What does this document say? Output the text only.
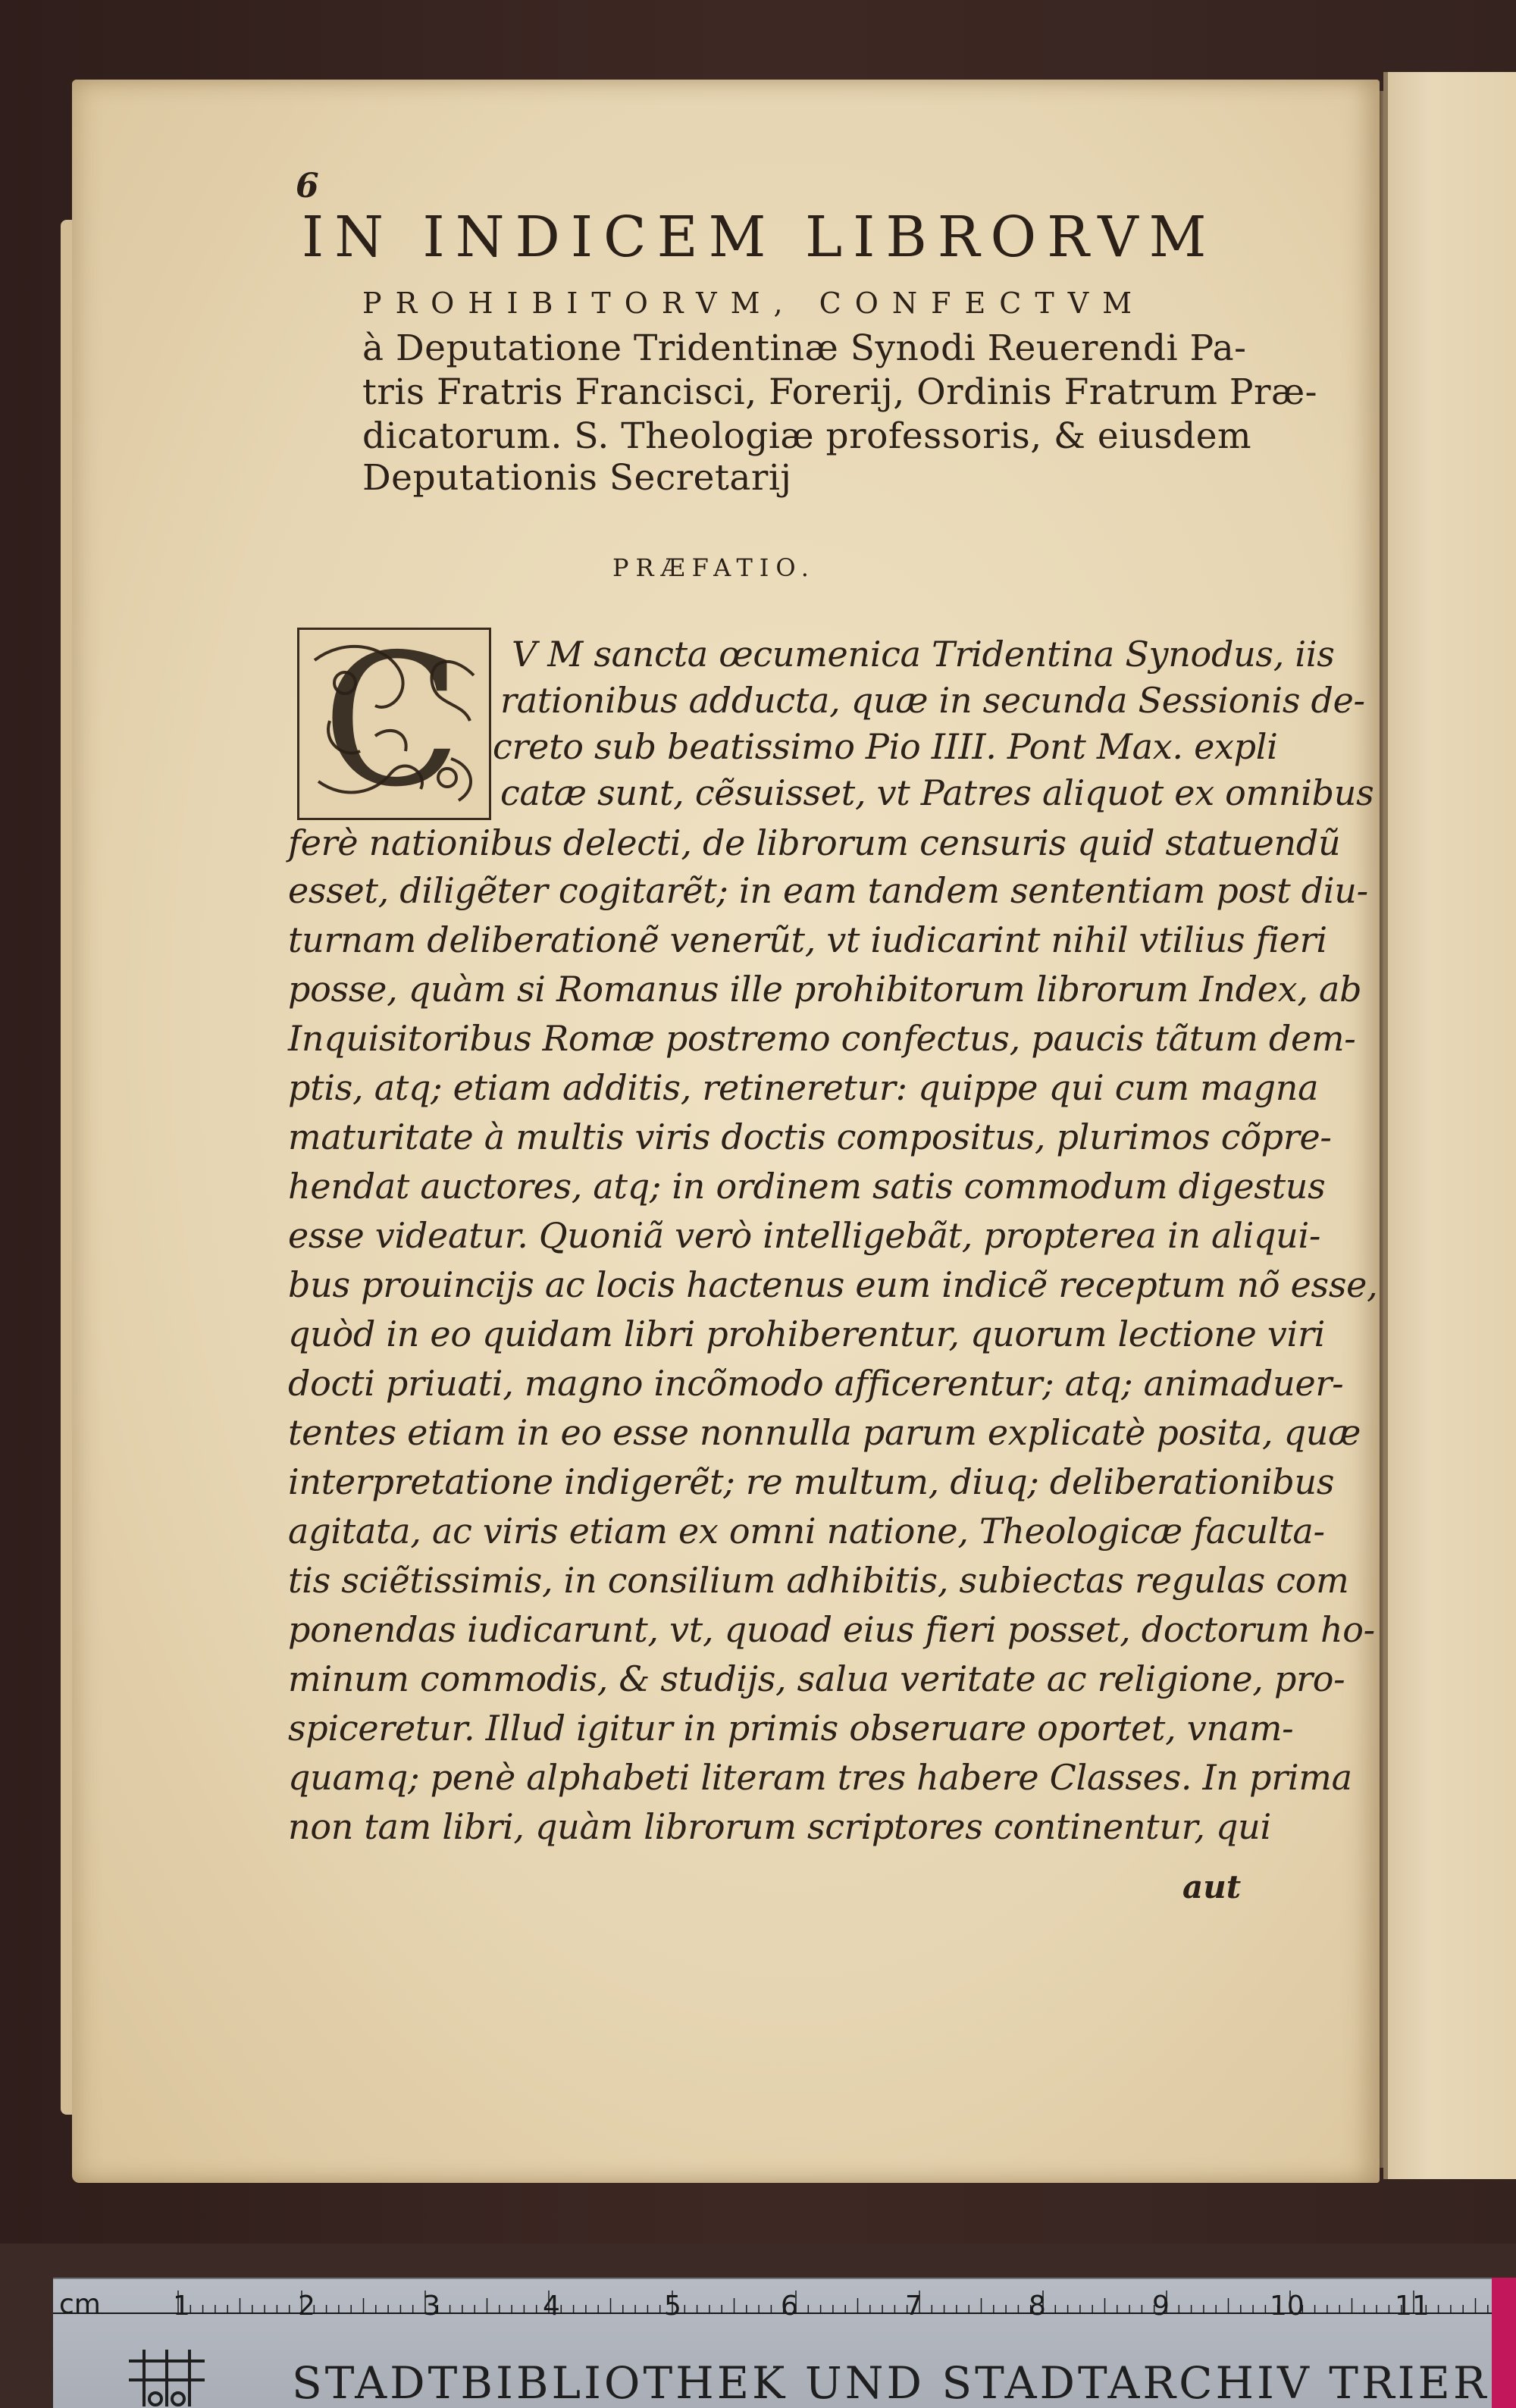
6
IN INDICEM LIBRORVM
PROHIBITORVM, CONFECTVM
à Deputatione Tridentinæ Synodi Reuerendi Pa-
tris Fratris Francisci, Forerij, Ordinis Fratrum Præ-
dicatorum. S. Theologiæ professoris, & eiusdem
Deputationis Secretarij
PRÆFATIO.
C V M sancta œcumenica Tridentina Synodus, iis
rationibus adducta, quæ in secunda Sessionis de-
creto sub beatissimo Pio IIII. Pont Max. expli
catæ sunt, cẽsuisset, vt Patres aliquot ex omnibus
ferè nationibus delecti, de librorum censuris quid statuendũ
esset, diligẽter cogitarẽt; in eam tandem sententiam post diu-
turnam deliberationẽ venerũt, vt iudicarint nihil vtilius fieri
posse, quàm si Romanus ille prohibitorum librorum Index, ab
Inquisitoribus Romæ postremo confectus, paucis tãtum dem-
ptis, atq; etiam additis, retineretur: quippe qui cum magna
maturitate à multis viris doctis compositus, plurimos cõpre-
hendat auctores, atq; in ordinem satis commodum digestus
esse videatur. Quoniã verò intelligebãt, propterea in aliqui-
bus prouincijs ac locis hactenus eum indicẽ receptum nõ esse,
quòd in eo quidam libri prohiberentur, quorum lectione viri
docti priuati, magno incõmodo afficerentur; atq; animaduer-
tentes etiam in eo esse nonnulla parum explicatè posita, quæ
interpretatione indigerẽt; re multum, diuq; deliberationibus
agitata, ac viris etiam ex omni natione, Theologicæ faculta-
tis sciẽtissimis, in consilium adhibitis, subiectas regulas com
ponendas iudicarunt, vt, quoad eius fieri posset, doctorum ho-
minum commodis, & studijs, salua veritate ac religione, pro-
spiceretur. Illud igitur in primis obseruare oportet, vnam-
quamq; penè alphabeti literam tres habere Classes. In prima
non tam libri, quàm librorum scriptores continentur, qui
aut
cm	1	2	3	4	5	6	7	8	9	10	11
STADTBIBLIOTHEK UND STADTARCHIV TRIER
